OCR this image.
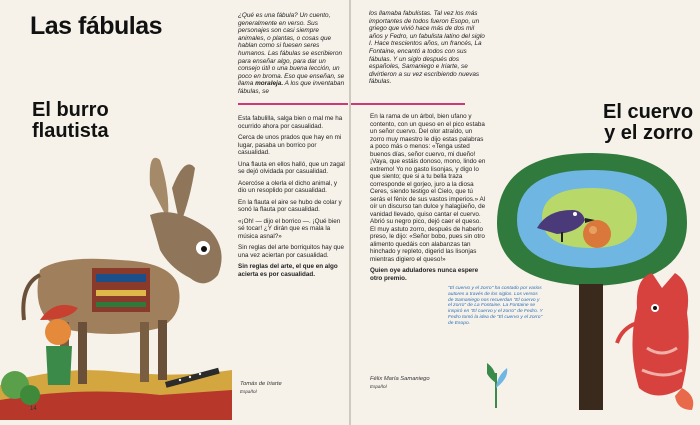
Las fábulas	¿Qué es una fábula? Un cuento, generalmente en verso. Sus personajes son casi siempre animales, o plantas, o cosas que hablan como si fuesen seres humanos. Las fábulas se escribieron para enseñar algo, para dar un consejo útil o una buena lección, un poco en broma. Eso que enseñan, se llama moraleja. A los que inventaban fábulas, se
El burro
flautista

Esta fabulilla, salga bien o mal me ha ocurrido ahora por casualidad.

Cerca de unos prados que hay en mi lugar, pasaba un borrico por casualidad.

Una flauta en ellos halló, que un zagal se dejó olvidada por casualidad.

Acercóse a olerla el dicho animal, y dio un resoplido por casualidad.

En la flauta el aire se hubo de colar y sonó la flauta por casualidad.

«¡Oh! — dijo el borrico —. ¡Qué bien sé tocar! ¿Y dirán que es mala la música asnal?»

Sin reglas del arte borriquitos hay que una vez aciertan por casualidad.

Sin reglas del arte, el que en algo acierta es por casualidad.

Tomás de Iriarte
Español
14
los llamaba fabulistas. Tal vez los más importantes de todos fueron Esopo, un griego que vivió hace más de dos mil años y Fedro, un fabulista latino del siglo I. Hace trescientos años, un francés, La Fontaine, encantó a todos con sus fábulas. Y un siglo después dos españoles, Samaniego e Iriarte, se divirtieron a su vez escribiendo nuevas fábulas.
El cuervo
y el zorro

En la rama de un árbol, bien ufano y contento, con un queso en el pico estaba un señor cuervo. Del olor atraído, un zorro muy maestro le dijo estas palabras a poco más o menos: «Tenga usted buenos días, señor cuervo, mi dueño! ¡Vaya, que estáis donoso, mono, lindo en extremo! Yo no gasto lisonjas, y digo lo que siento; que si a tu bella traza corresponde el gorjeo, juro a la diosa Ceres, siendo testigo el Cielo, que tú serás el fénix de sus vastos imperios.» Al oír un discurso tan dulce y halagüeño, de vanidad llevado, quiso cantar el cuervo. Abrió su negro pico, dejó caer el queso. El muy astuto zorro, después de haberlo preso, le dijo: «Señor bobo, pues sin otro alimento quedáis con alabanzas tan hinchado y repleto, digerid las lisonjas mientras digiero el queso!»

Quien oye aduladores nunca espere otro premio.

Félix María Samaniego
Español
"El cuervo y el zorro" ha contado por varios autores a través de los siglos. Los versos de Samaniego nos recuerdan "El cuervo y el zorro" de La Fontaine. La Fontaine se inspiró en "El cuervo y el zorro" de Fedro. Y Fedro tomó la idea de "El cuervo y el zorro" de Esopo.
